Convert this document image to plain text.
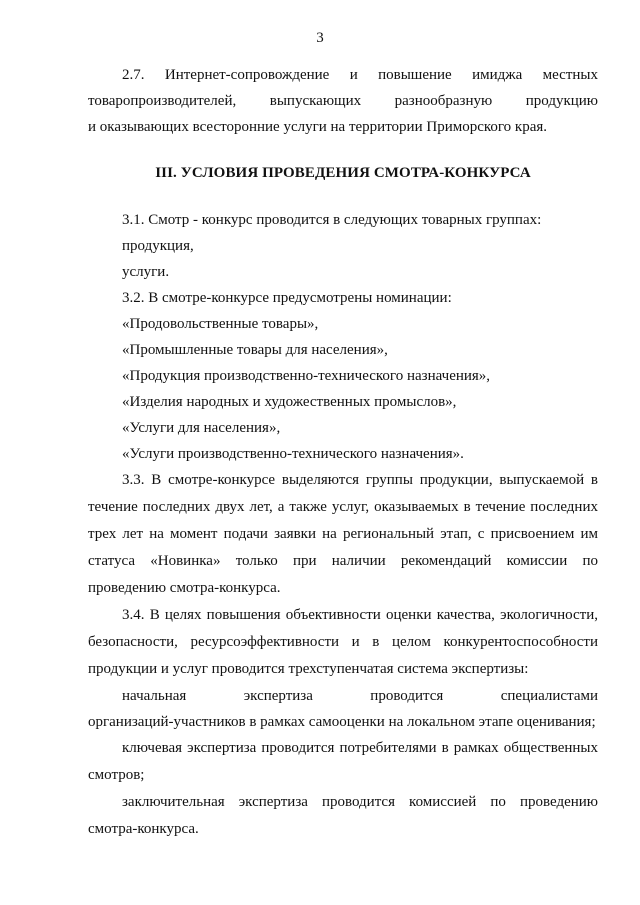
3

2.7. Интернет-сопровождение и повышение имиджа местных

товаропроизводителей, выпускающих разнообразную продукцию

и оказывающих всесторонние услуги на территории Приморского края.

III. УСЛОВИЯ ПРОВЕДЕНИЯ СМОТРА-КОНКУРСА

3.1. Смотр - конкурс проводится в следующих товарных группах:

продукция,

услуги.

3.2. В смотре-конкурсе предусмотрены номинации:

«Продовольственные товары»,

«Промышленные товары для населения»,

«Продукция производственно-технического назначения»,

«Изделия народных и художественных промыслов»,

«Услуги для населения»,

«Услуги производственно-технического назначения».

3.3. В смотре-конкурсе выделяются группы продукции, выпускаемой в течение последних двух лет, а также услуг, оказываемых в течение последних трех лет на момент подачи заявки на региональный этап, с присвоением им статуса «Новинка» только при наличии рекомендаций комиссии по проведению смотра-конкурса.

3.4. В целях повышения объективности оценки качества, экологичности, безопасности, ресурсоэффективности и в целом конкурентоспособности продукции и услуг проводится трехступенчатая система экспертизы:

начальная экспертиза проводится специалистами

организаций-участников в рамках самооценки на локальном этапе оценивания;

ключевая экспертиза проводится потребителями в рамках общественных смотров;

заключительная экспертиза проводится комиссией по проведению смотра-конкурса.
